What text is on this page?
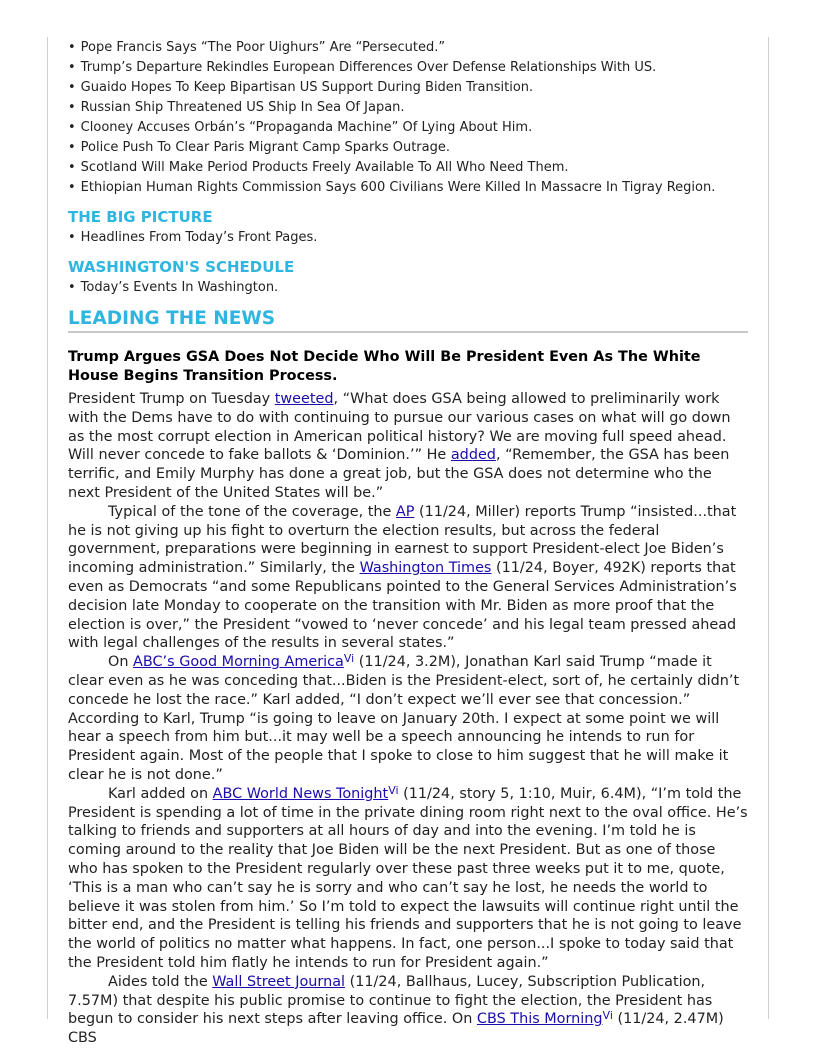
• Pope Francis Says “The Poor Uighurs” Are “Persecuted.”
• Trump’s Departure Rekindles European Differences Over Defense Relationships With US.
• Guaido Hopes To Keep Bipartisan US Support During Biden Transition.
• Russian Ship Threatened US Ship In Sea Of Japan.
• Clooney Accuses Orbán’s “Propaganda Machine” Of Lying About Him.
• Police Push To Clear Paris Migrant Camp Sparks Outrage.
• Scotland Will Make Period Products Freely Available To All Who Need Them.
• Ethiopian Human Rights Commission Says 600 Civilians Were Killed In Massacre In Tigray Region.
THE BIG PICTURE
• Headlines From Today’s Front Pages.
WASHINGTON'S SCHEDULE
• Today’s Events In Washington.
LEADING THE NEWS
Trump Argues GSA Does Not Decide Who Will Be President Even As The White House Begins Transition Process.

President Trump on Tuesday tweeted, “What does GSA being allowed to preliminarily work with the Dems have to do with continuing to pursue our various cases on what will go down as the most corrupt election in American political history? We are moving full speed ahead. Will never concede to fake ballots & ‘Dominion.’” He added, “Remember, the GSA has been terrific, and Emily Murphy has done a great job, but the GSA does not determine who the next President of the United States will be.”

Typical of the tone of the coverage, the AP (11/24, Miller) reports Trump “insisted...that he is not giving up his fight to overturn the election results, but across the federal government, preparations were beginning in earnest to support President-elect Joe Biden’s incoming administration.” Similarly, the Washington Times (11/24, Boyer, 492K) reports that even as Democrats “and some Republicans pointed to the General Services Administration’s decision late Monday to cooperate on the transition with Mr. Biden as more proof that the election is over,” the President “vowed to ‘never concede’ and his legal team pressed ahead with legal challenges of the results in several states.”

On ABC’s Good Morning America$^{Vi}$ (11/24, 3.2M), Jonathan Karl said Trump “made it clear even as he was conceding that...Biden is the President-elect, sort of, he certainly didn’t concede he lost the race.” Karl added, “I don’t expect we’ll ever see that concession.” According to Karl, Trump “is going to leave on January 20th. I expect at some point we will hear a speech from him but...it may well be a speech announcing he intends to run for President again. Most of the people that I spoke to close to him suggest that he will make it clear he is not done.”

Karl added on ABC World News Tonight$^{Vi}$ (11/24, story 5, 1:10, Muir, 6.4M), “I’m told the President is spending a lot of time in the private dining room right next to the oval office. He’s talking to friends and supporters at all hours of day and into the evening. I’m told he is coming around to the reality that Joe Biden will be the next President. But as one of those who has spoken to the President regularly over these past three weeks put it to me, quote, ‘This is a man who can’t say he is sorry and who can’t say he lost, he needs the world to believe it was stolen from him.’ So I’m told to expect the lawsuits will continue right until the bitter end, and the President is telling his friends and supporters that he is not going to leave the world of politics no matter what happens. In fact, one person...I spoke to today said that the President told him flatly he intends to run for President again.”

Aides told the Wall Street Journal (11/24, Ballhaus, Lucey, Subscription Publication, 7.57M) that despite his public promise to continue to fight the election, the President has begun to consider his next steps after leaving office. On CBS This Morning$^{Vi}$ (11/24, 2.47M) CBS
